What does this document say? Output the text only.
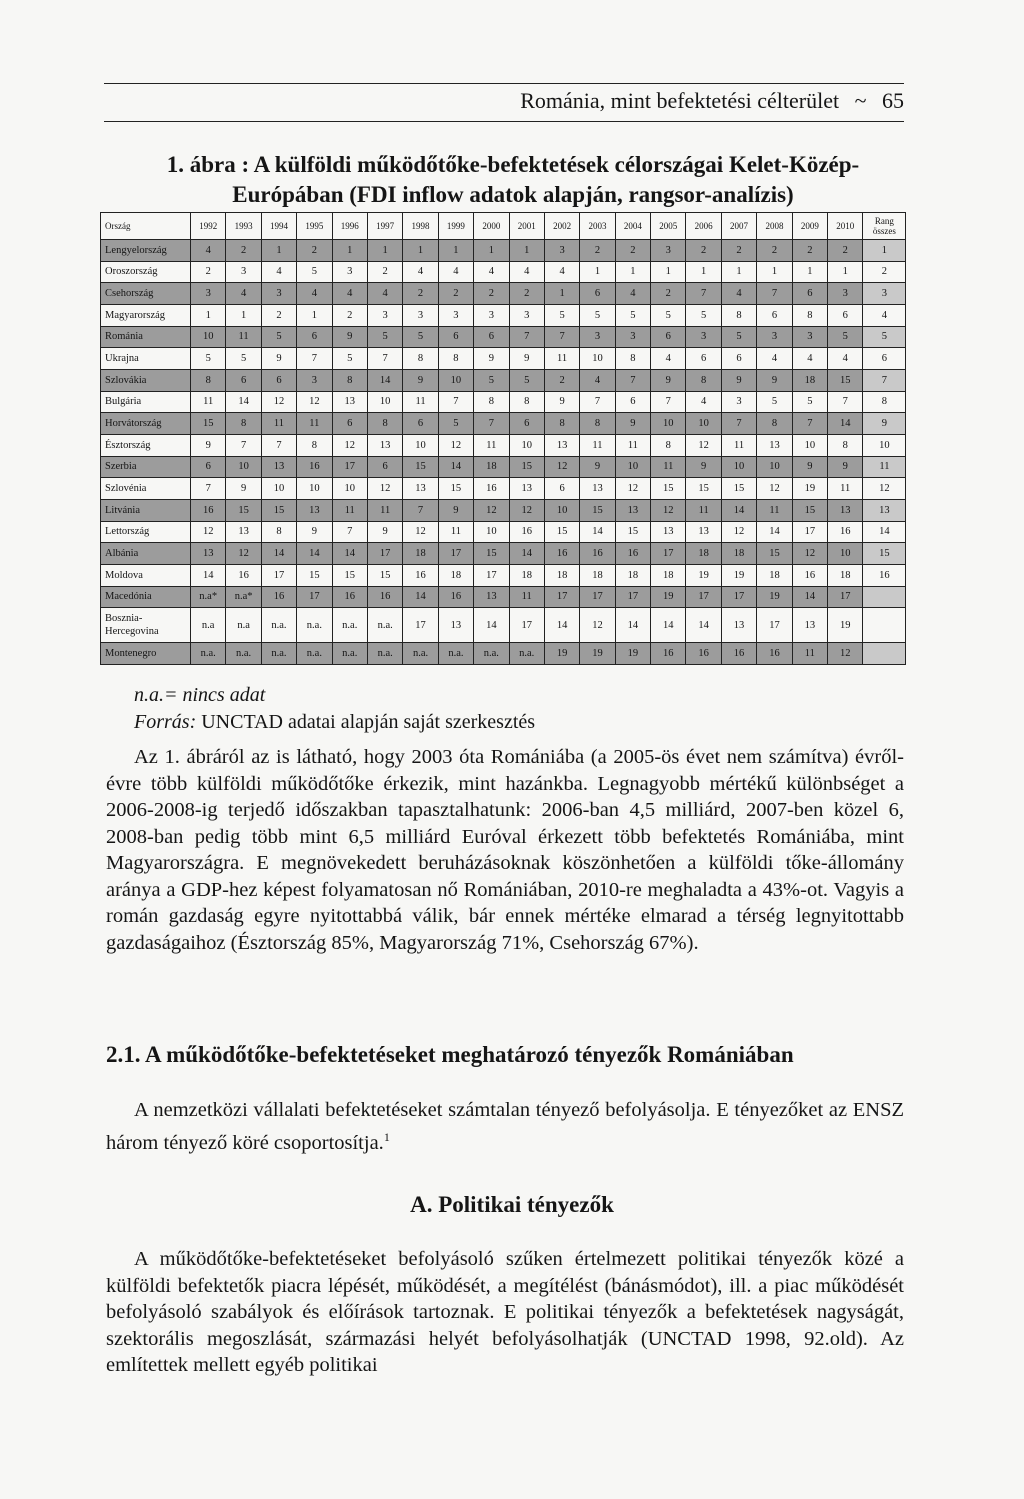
Románia, mint befektetési célterület ~ 65
1. ábra : A külföldi működőtőke-befektetések célországai Kelet-Közép-
Európában (FDI inflow adatok alapján, rangsor-analízis)
Ország	1992	1993	1994	1995	1996	1997	1998	1999	2000	2001	2002	2003	2004	2005	2006	2007	2008	2009	2010	Rang
összes

Lengyelország	4	2	1	2	1	1	1	1	1	1	3	2	2	3	2	2	2	2	2	1
Oroszország	2	3	4	5	3	2	4	4	4	4	4	1	1	1	1	1	1	1	1	2
Csehország	3	4	3	4	4	4	2	2	2	2	1	6	4	2	7	4	7	6	3	3
Magyarország	1	1	2	1	2	3	3	3	3	3	5	5	5	5	5	8	6	8	6	4
Románia	10	11	5	6	9	5	5	6	6	7	7	3	3	6	3	5	3	3	5	5
Ukrajna	5	5	9	7	5	7	8	8	9	9	11	10	8	4	6	6	4	4	4	6
Szlovákia	8	6	6	3	8	14	9	10	5	5	2	4	7	9	8	9	9	18	15	7
Bulgária	11	14	12	12	13	10	11	7	8	8	9	7	6	7	4	3	5	5	7	8
Horvátország	15	8	11	11	6	8	6	5	7	6	8	8	9	10	10	7	8	7	14	9
Észtország	9	7	7	8	12	13	10	12	11	10	13	11	11	8	12	11	13	10	8	10
Szerbia	6	10	13	16	17	6	15	14	18	15	12	9	10	11	9	10	10	9	9	11
Szlovénia	7	9	10	10	10	12	13	15	16	13	6	13	12	15	15	15	12	19	11	12
Litvánia	16	15	15	13	11	11	7	9	12	12	10	15	13	12	11	14	11	15	13	13
Lettország	12	13	8	9	7	9	12	11	10	16	15	14	15	13	13	12	14	17	16	14
Albánia	13	12	14	14	14	17	18	17	15	14	16	16	16	17	18	18	15	12	10	15
Moldova	14	16	17	15	15	15	16	18	17	18	18	18	18	18	19	19	18	16	18	16
Macedónia	n.a*	n.a*	16	17	16	16	14	16	13	11	17	17	17	19	17	17	19	14	17	
Bosznia-Hercegovina	n.a	n.a	n.a.	n.a.	n.a.	n.a.	17	13	14	17	14	12	14	14	14	13	17	13	19	
Montenegro	n.a.	n.a.	n.a.	n.a.	n.a.	n.a.	n.a.	n.a.	n.a.	n.a.	19	19	19	16	16	16	16	11	12	
n.a.= nincs adat
Forrás: UNCTAD adatai alapján saját szerkesztés

Az 1. ábráról az is látható, hogy 2003 óta Romániába (a 2005-ös évet nem számítva) évről-évre több külföldi működőtőke érkezik, mint hazánkba. Legnagyobb mértékű különbséget a 2006-2008-ig terjedő időszakban tapasztalhatunk: 2006-ban 4,5 milliárd, 2007-ben közel 6, 2008-ban pedig több mint 6,5 milliárd Euróval érkezett több befektetés Romániába, mint Magyarországra. E megnövekedett beruházásoknak köszönhetően a külföldi tőke-állomány aránya a GDP-hez képest folyamatosan nő Romániában, 2010-re meghaladta a 43%-ot. Vagyis a román gazdaság egyre nyitottabbá válik, bár ennek mértéke elmarad a térség legnyitottabb gazdaságaihoz (Észtország 85%, Magyarország 71%, Csehország 67%).

2.1. A működőtőke-befektetéseket meghatározó tényezők Romániában

A nemzetközi vállalati befektetéseket számtalan tényező befolyásolja. E tényezőket az ENSZ három tényező köré csoportosítja.$^1$

A. Politikai tényezők

A működőtőke-befektetéseket befolyásoló szűken értelmezett politikai tényezők közé a külföldi befektetők piacra lépését, működését, a megítélést (bánásmódot), ill. a piac működését befolyásoló szabályok és előírások tartoznak. E politikai tényezők a befektetések nagyságát, szektorális megoszlását, származási helyét befolyásolhatják (UNCTAD 1998, 92.old). Az említettek mellett egyéb politikai
